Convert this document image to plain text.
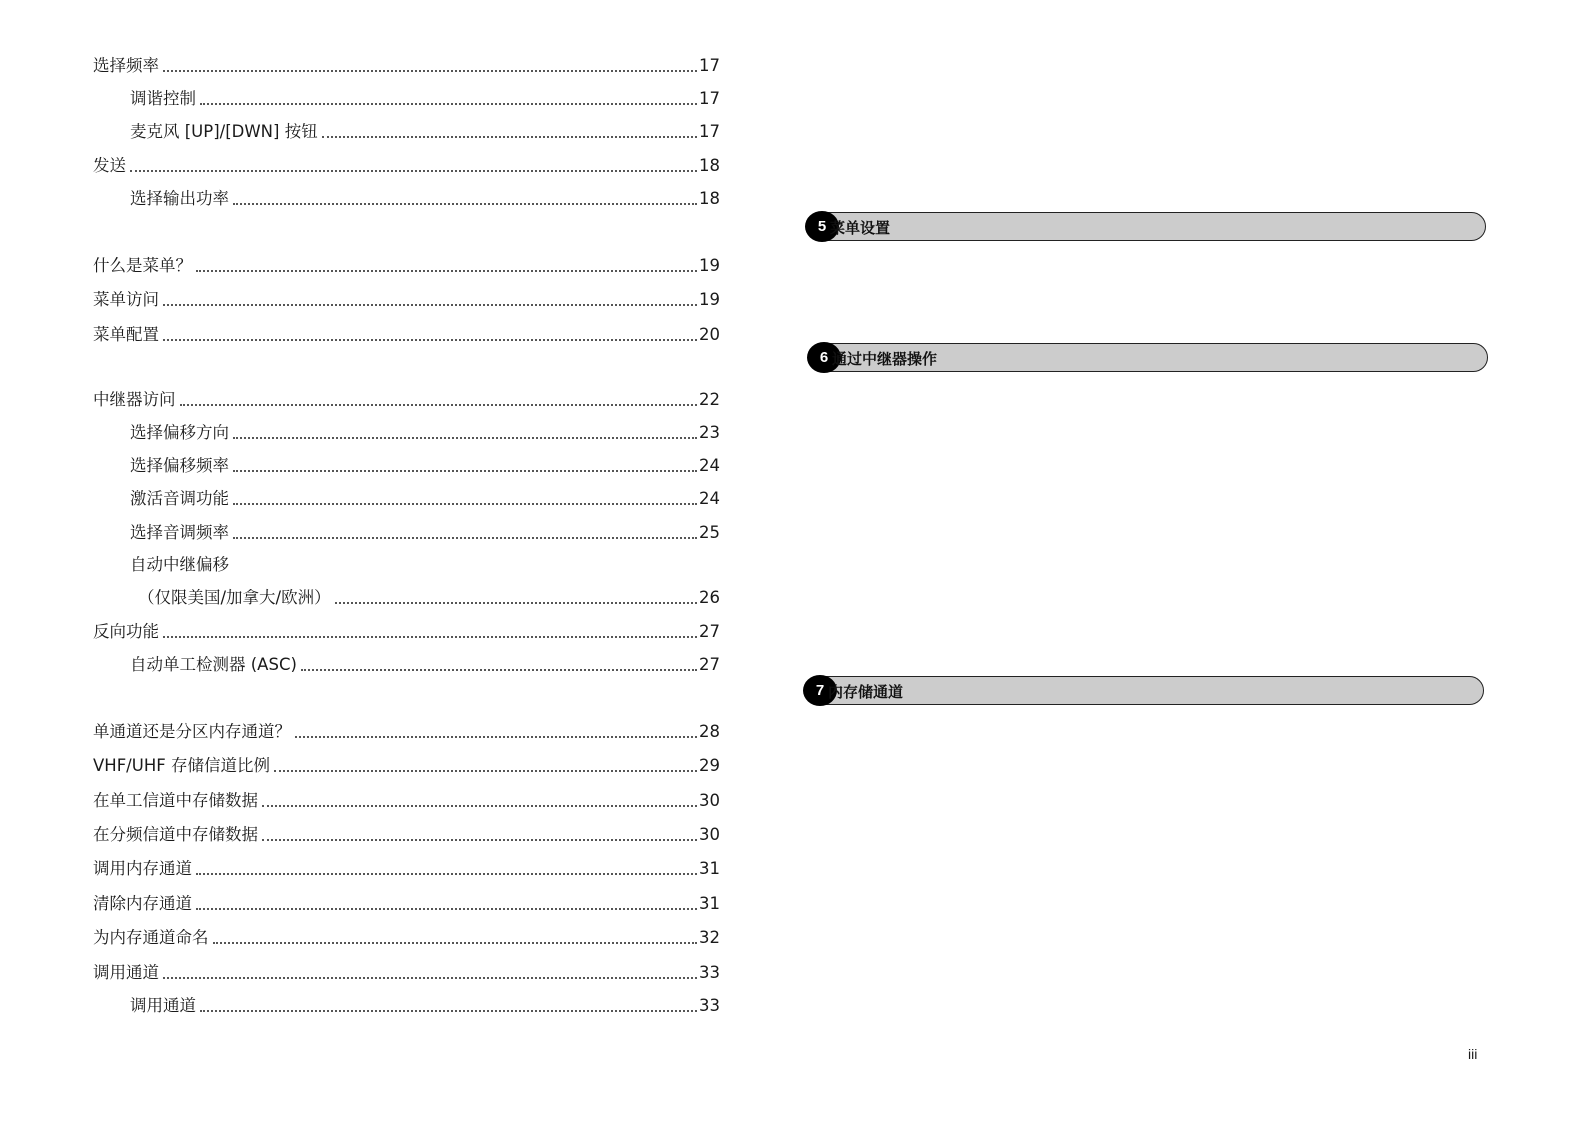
选择频率	17
调谐控制	17
麦克风 [UP]/[DWN] 按钮	17
发送	18
选择输出功率	18
什么是菜单？	19
菜单访问	19
菜单配置	20
中继器访问	22
选择偏移方向	23
选择偏移频率	24
激活音调功能	24
选择音调频率	25
自动中继偏移
（仅限美国/加拿大/欧洲）	26
反向功能	27
自动单工检测器 (ASC)	27
单通道还是分区内存通道？	28
VHF/UHF 存储信道比例	29
在单工信道中存储数据	30
在分频信道中存储数据	30
调用内存通道	31
清除内存通道	31
为内存通道命名	32
调用通道	33
调用通道	33
5 菜单设置
6 通过中继器操作
7 内存储通道
iii
